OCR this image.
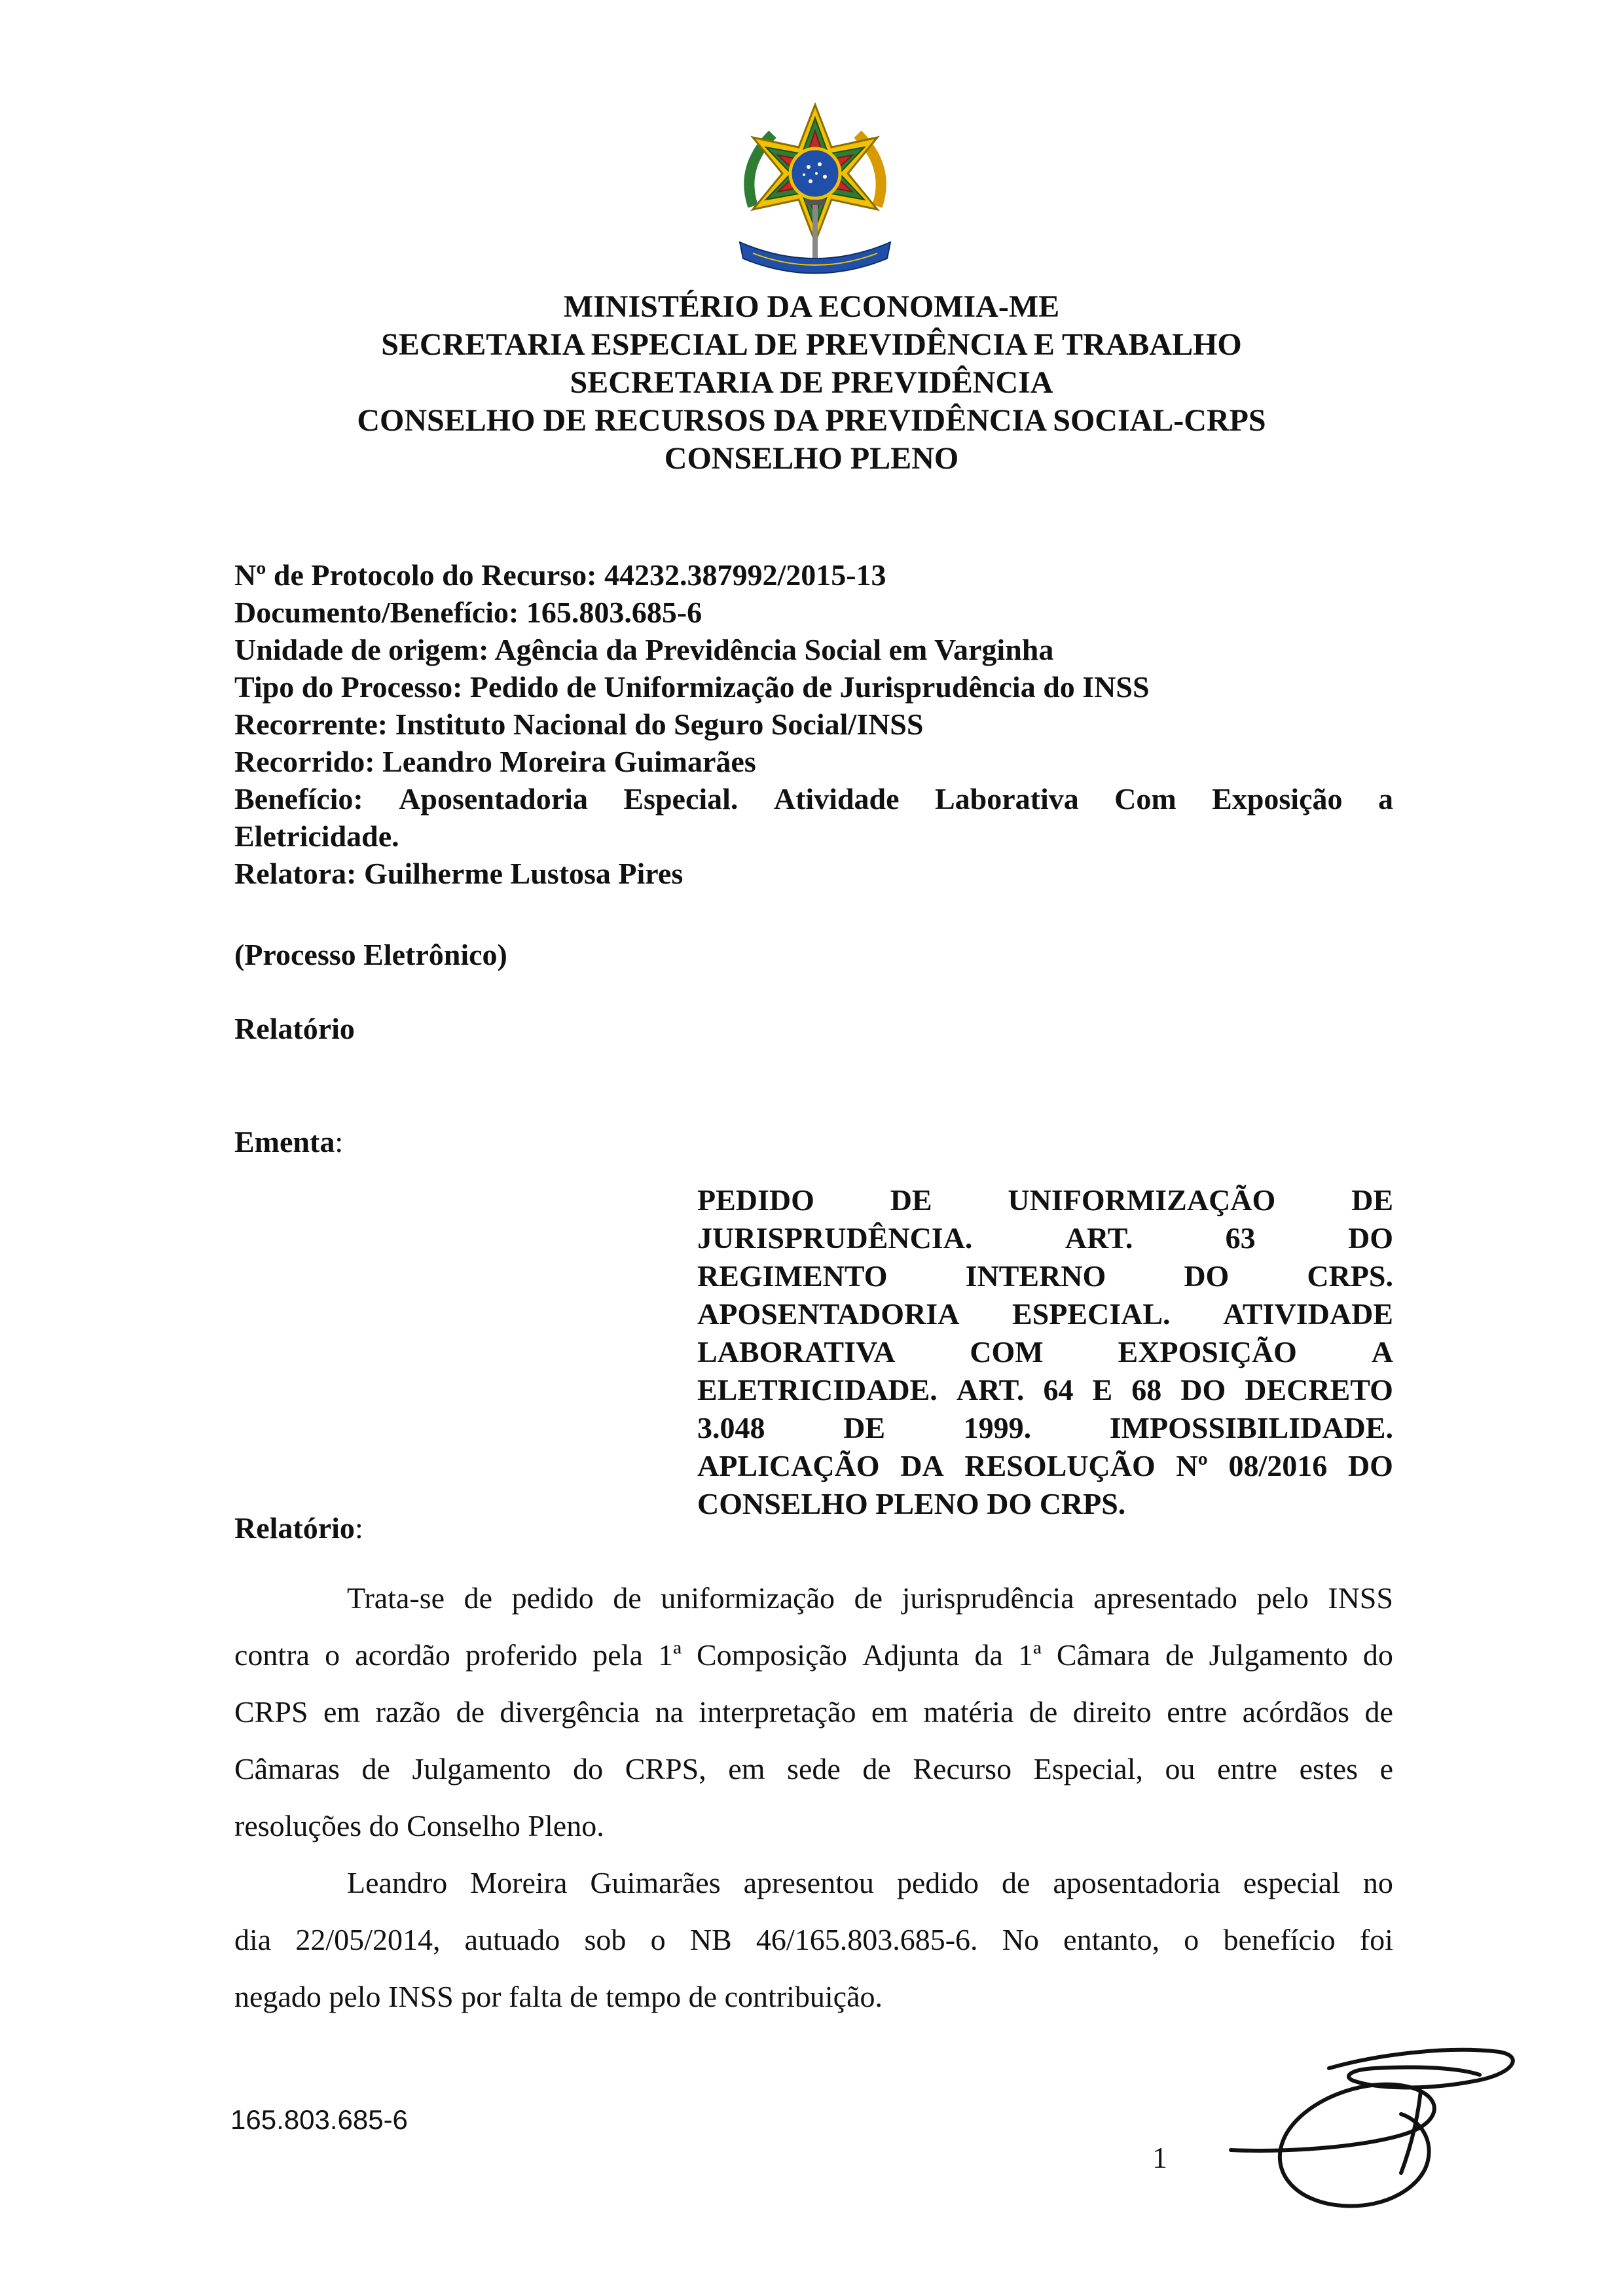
MINISTÉRIO DA ECONOMIA-ME
SECRETARIA ESPECIAL DE PREVIDÊNCIA E TRABALHO
SECRETARIA DE PREVIDÊNCIA
CONSELHO DE RECURSOS DA PREVIDÊNCIA SOCIAL-CRPS
CONSELHO PLENO
Nº de Protocolo do Recurso: 44232.387992/2015-13
Documento/Benefício: 165.803.685-6
Unidade de origem: Agência da Previdência Social em Varginha
Tipo do Processo: Pedido de Uniformização de Jurisprudência do INSS
Recorrente: Instituto Nacional do Seguro Social/INSS
Recorrido: Leandro Moreira Guimarães
Benefício: Aposentadoria Especial. Atividade Laborativa Com Exposição a
Eletricidade.
Relatora: Guilherme Lustosa Pires
(Processo Eletrônico)
Relatório
Ementa:
PEDIDO	DE	UNIFORMIZAÇÃO	DE
JURISPRUDÊNCIA.	ART.	63	DO
REGIMENTO	INTERNO	DO	CRPS.
APOSENTADORIA ESPECIAL. ATIVIDADE
LABORATIVA COM EXPOSIÇÃO A
ELETRICIDADE. ART. 64 E 68 DO DECRETO
3.048	DE	1999.	IMPOSSIBILIDADE.
APLICAÇÃO DA RESOLUÇÃO Nº 08/2016 DO
CONSELHO PLENO DO CRPS.
Relatório:
Trata-se de pedido de uniformização de jurisprudência apresentado pelo INSS
contra o acordão proferido pela 1ª Composição Adjunta da 1ª Câmara de Julgamento do
CRPS em razão de divergência na interpretação em matéria de direito entre acórdãos de
Câmaras de Julgamento do CRPS, em sede de Recurso Especial, ou entre estes e
resoluções do Conselho Pleno.
Leandro Moreira Guimarães apresentou pedido de aposentadoria especial no
dia 22/05/2014, autuado sob o NB 46/165.803.685-6. No entanto, o benefício foi
negado pelo INSS por falta de tempo de contribuição.
165.803.685-6
1
